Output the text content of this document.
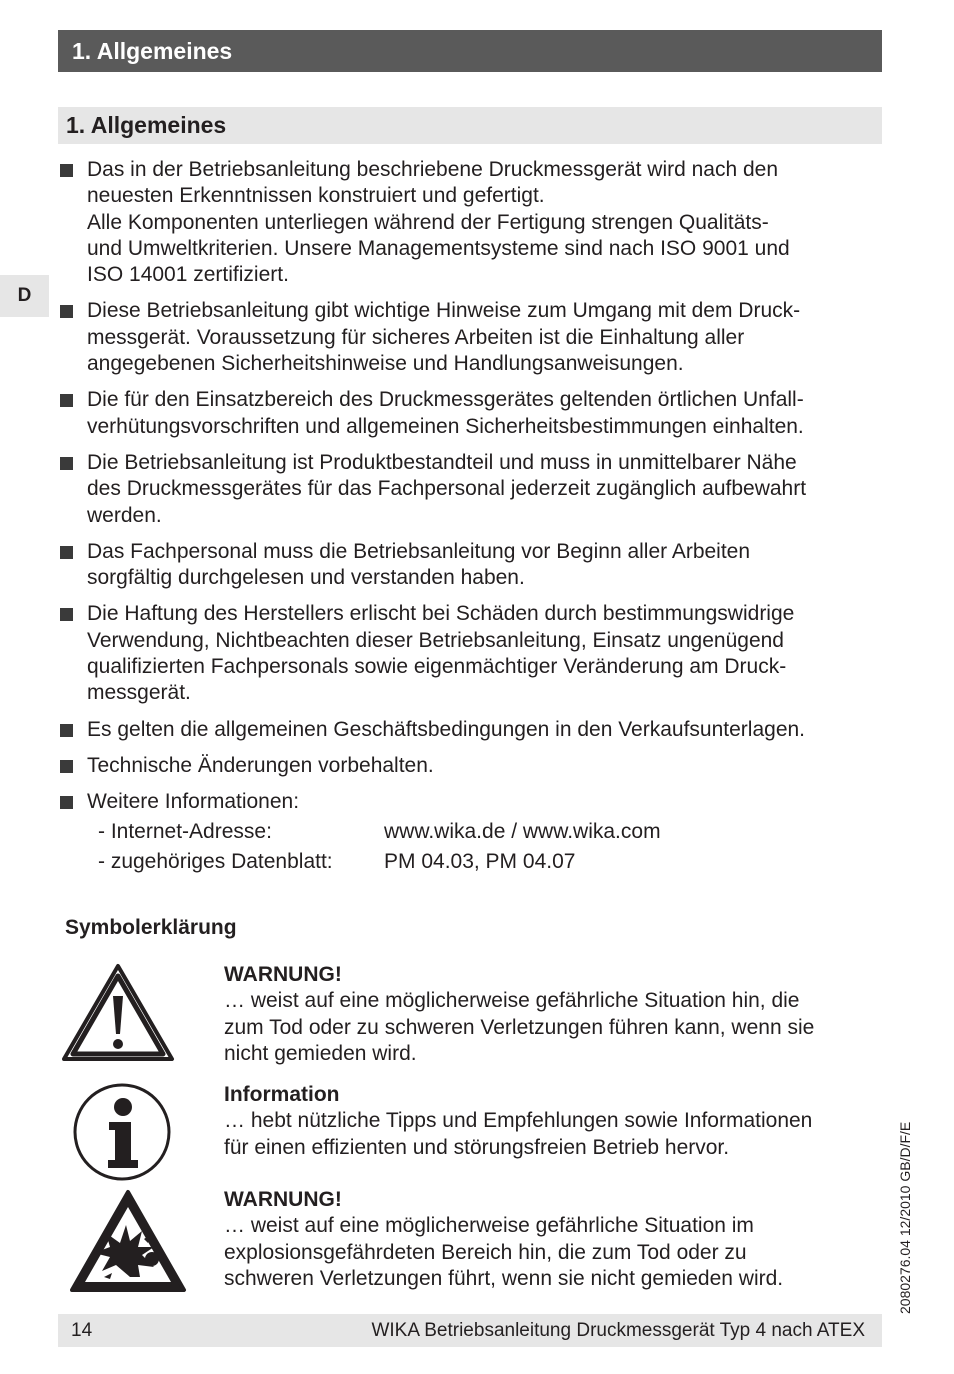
1. Allgemeines
D
1. Allgemeines
Das in der Betriebsanleitung beschriebene Druckmessgerät wird nach den
neuesten Erkenntnissen konstruiert und gefertigt.
Alle Komponenten unterliegen während der Fertigung strengen Qualitäts-
und Umweltkriterien. Unsere Managementsysteme sind nach ISO 9001 und
ISO 14001 zertifiziert.
Diese Betriebsanleitung gibt wichtige Hinweise zum Umgang mit dem Druck-
messgerät. Voraussetzung für sicheres Arbeiten ist die Einhaltung aller
angegebenen Sicherheitshinweise und Handlungsanweisungen.
Die für den Einsatzbereich des Druckmessgerätes geltenden örtlichen Unfall-
verhütungsvorschriften und allgemeinen Sicherheitsbestimmungen einhalten.
Die Betriebsanleitung ist Produktbestandteil und muss in unmittelbarer Nähe
des Druckmessgerätes für das Fachpersonal jederzeit zugänglich aufbewahrt
werden.
Das Fachpersonal muss die Betriebsanleitung vor Beginn aller Arbeiten
sorgfältig durchgelesen und verstanden haben.
Die Haftung des Herstellers erlischt bei Schäden durch bestimmungswidrige
Verwendung, Nichtbeachten dieser Betriebsanleitung, Einsatz ungenügend
qualifizierten Fachpersonals sowie eigenmächtiger Veränderung am Druck-
messgerät.
Es gelten die allgemeinen Geschäftsbedingungen in den Verkaufsunterlagen.
Technische Änderungen vorbehalten.
Weitere Informationen:
- Internet-Adresse:	www.wika.de / www.wika.com
- zugehöriges Datenblatt:	PM 04.03, PM 04.07
Symbolerklärung
WARNUNG!
… weist auf eine möglicherweise gefährliche Situation hin, die
zum Tod oder zu schweren Verletzungen führen kann, wenn sie
nicht gemieden wird.
Information
… hebt nützliche Tipps und Empfehlungen sowie Informationen
für einen effizienten und störungsfreien Betrieb hervor.
WARNUNG!
… weist auf eine möglicherweise gefährliche Situation im
explosionsgefährdeten Bereich hin, die zum Tod oder zu
schweren Verletzungen führt, wenn sie nicht gemieden wird.	2080276.04 12/2010 GB/D/F/E
14	WIKA Betriebsanleitung Druckmessgerät Typ 4 nach ATEX
